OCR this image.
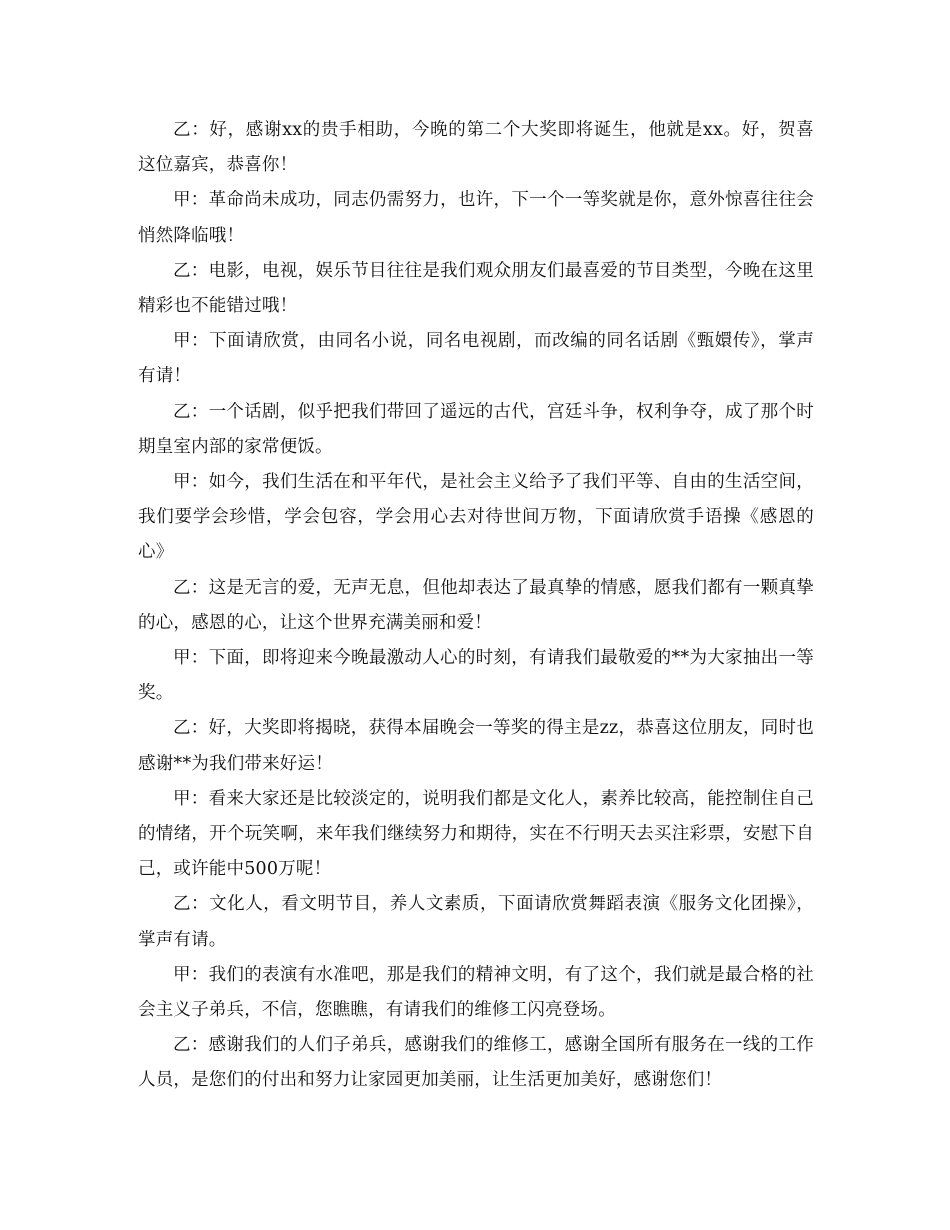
乙：好，感谢xx的贵手相助，今晚的第二个大奖即将诞生，他就是xx。好，贺喜这位嘉宾，恭喜你！

甲：革命尚未成功，同志仍需努力，也许，下一个一等奖就是你，意外惊喜往往会悄然降临哦！

乙：电影，电视，娱乐节目往往是我们观众朋友们最喜爱的节目类型，今晚在这里精彩也不能错过哦！

甲：下面请欣赏，由同名小说，同名电视剧，而改编的同名话剧《甄嬛传》，掌声有请！

乙：一个话剧，似乎把我们带回了遥远的古代，宫廷斗争，权利争夺，成了那个时期皇室内部的家常便饭。

甲：如今，我们生活在和平年代，是社会主义给予了我们平等、自由的生活空间，我们要学会珍惜，学会包容，学会用心去对待世间万物，下面请欣赏手语操《感恩的心》

乙：这是无言的爱，无声无息，但他却表达了最真挚的情感，愿我们都有一颗真挚的心，感恩的心，让这个世界充满美丽和爱！

甲：下面，即将迎来今晚最激动人心的时刻，有请我们最敬爱的**为大家抽出一等奖。

乙：好，大奖即将揭晓，获得本届晚会一等奖的得主是zz，恭喜这位朋友，同时也感谢**为我们带来好运！

甲：看来大家还是比较淡定的，说明我们都是文化人，素养比较高，能控制住自己的情绪，开个玩笑啊，来年我们继续努力和期待，实在不行明天去买注彩票，安慰下自己，或许能中500万呢！

乙：文化人，看文明节目，养人文素质，下面请欣赏舞蹈表演《服务文化团操》，掌声有请。

甲：我们的表演有水准吧，那是我们的精神文明，有了这个，我们就是最合格的社会主义子弟兵，不信，您瞧瞧，有请我们的维修工闪亮登场。

乙：感谢我们的人们子弟兵，感谢我们的维修工，感谢全国所有服务在一线的工作人员，是您们的付出和努力让家园更加美丽，让生活更加美好，感谢您们！
